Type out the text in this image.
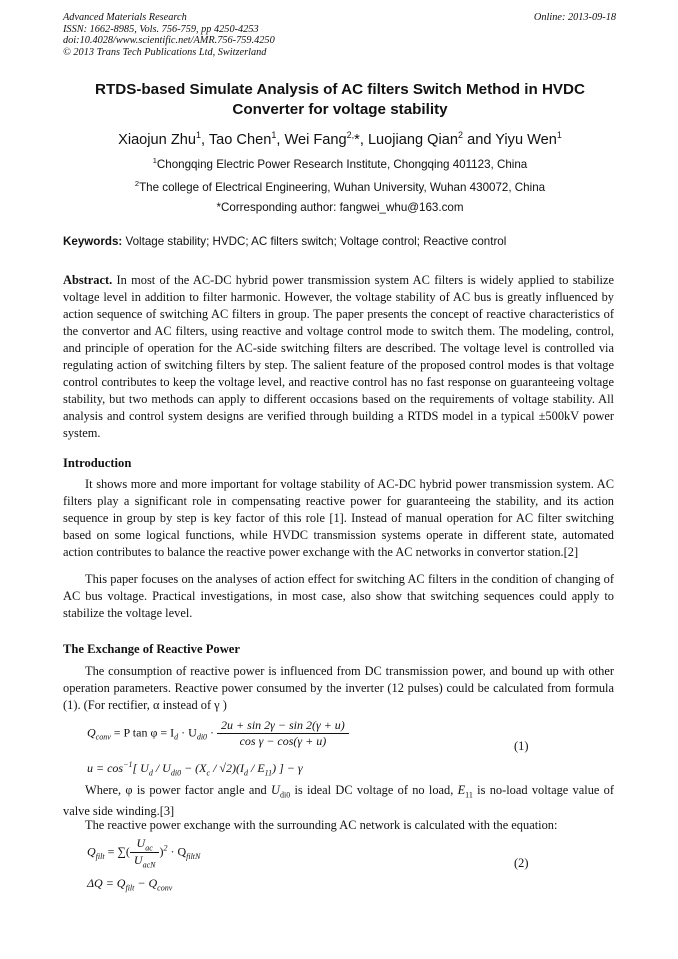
Advanced Materials Research
ISSN: 1662-8985, Vols. 756-759, pp 4250-4253
doi:10.4028/www.scientific.net/AMR.756-759.4250
© 2013 Trans Tech Publications Ltd, Switzerland
Online: 2013-09-18
RTDS-based Simulate Analysis of AC filters Switch Method in HVDC
Converter for voltage stability
Xiaojun Zhu$^1$, Tao Chen$^1$, Wei Fang$^{2,}$*, Luojiang Qian$^2$ and Yiyu Wen$^1$
$^1$Chongqing Electric Power Research Institute, Chongqing 401123, China
$^2$The college of Electrical Engineering, Wuhan University, Wuhan 430072, China
*Corresponding author: fangwei_whu@163.com
Keywords: Voltage stability; HVDC; AC filters switch; Voltage control; Reactive control
Abstract. In most of the AC-DC hybrid power transmission system AC filters is widely applied to stabilize voltage level in addition to filter harmonic. However, the voltage stability of AC bus is greatly influenced by action sequence of switching AC filters in group. The paper presents the concept of reactive characteristics of the convertor and AC filters, using reactive and voltage control mode to switch them. The modeling, control, and principle of operation for the AC-side switching filters are described. The voltage level is controlled via regulating action of switching filters by step. The salient feature of the proposed control modes is that voltage control contributes to keep the voltage level, and reactive control has no fast response on guaranteeing voltage stability, but two methods can apply to different occasions based on the requirements of voltage stability. All analysis and control system designs are verified through building a RTDS model in a typical ±500kV power system.
Introduction
It shows more and more important for voltage stability of AC-DC hybrid power transmission system. AC filters play a significant role in compensating reactive power for guaranteeing the stability, and its action sequence in group by step is key factor of this role [1]. Instead of manual operation for AC filter switching based on some logical functions, while HVDC transmission systems operate in different state, automated action contributes to balance the reactive power exchange with the AC networks in convertor station.[2]
This paper focuses on the analyses of action effect for switching AC filters in the condition of changing of AC bus voltage. Practical investigations, in most case, also show that switching sequences could apply to stabilize the voltage level.
The Exchange of Reactive Power
The consumption of reactive power is influenced from DC transmission power, and bound up with other operation parameters. Reactive power consumed by the inverter (12 pulses) could be calculated from formula (1). (For rectifier, α instead of γ )
$Q_{conv} = P$ $\tan \varphi = I_d \cdot U_{di0} \cdot \frac{2u + \sin 2\gamma - \sin 2(\gamma + u)}{\text{cos γ − cos(γ + u)}}$
$u = \cos^{-1}$[ $U_d / U_{di0} - (X_c / √2)(I_d / E_{11})$ ] − γ
(1)
Where, φ is power factor angle and $U_{di0}$ is ideal DC voltage of no load, $E_{11}$ is no-load voltage value of valve side winding.[3]
The reactive power exchange with the surrounding AC network is calculated with the equation:
$Q_{filt}$ = ∑( $\frac{U_{ac}}{U_{acN}} )^2 \cdot Q_{filtN}$
$\Delta Q = Q_{filt} - Q_{conv}$
(2)
